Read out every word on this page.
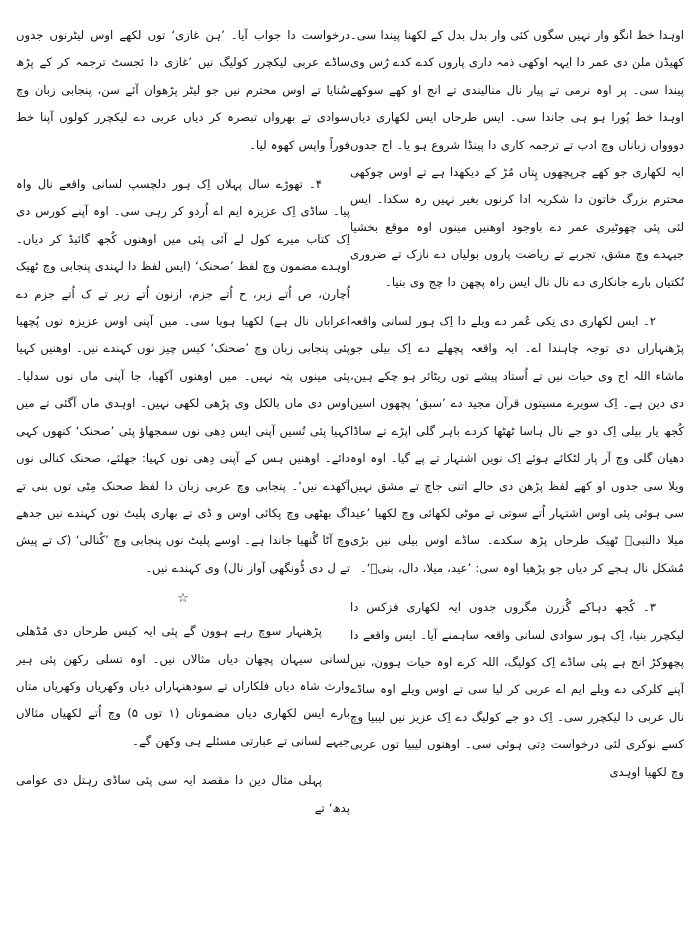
اوہدا خط انگو وار نہیں سگوں کئی وار بدل بدل کے لکھنا پیندا سی۔ کھیڈن ملن دی عمر دا ایہہ اوکھی ذمہ داری پاروں کدے کدے رُس وی پیندا سی۔ پر اوہ نرمی تے پیار نال منالیندی تے انج او کھے سوکھے اوہدا خط پُورا ہو ہی جاندا سی۔ ایس طرحاں ایس لکھاری دیاں دووواں زباناں وچ ادب تے ترجمہ کاری دا پینڈا شروع ہو یا۔ اج جدوں ایہ لکھاری جو کھے چرپچھوں پِتاں مُڑ کے دیکھدا ہے تے اوس چوکھی محترم بزرگ خاتون دا شکریہ ادا کرنوں بغیر نہیں رہ سکدا۔ ایس لئی پئی چھوٹیری عمر دے باوجود اوھنیں مینوں اوہ موقع بخشیا جیہدے وچ مشق، تجربے تے ریاضت پاروں بولیاں دے نازک تے ضروری نُکتیاں بارے جانکاری دے نال نال ایس راہ پچھن دا چج وی بنیا۔

۲۔ ایس لکھاری دی نِکی عُمر دے ویلے دا اِک ہور لسانی واقعہ پڑھنہاراں دی توجہ چاہندا اے۔ ایہ واقعہ پچھلے دے اِک بیلی جو ماشاء اللہ اج وی حیات نیں تے اُستاد پیشے توں ریٹائر ہو چکے ہین، دی دین ہے۔ اِک سویرے مسیتوں قرآن مجید دے ’سبق‘ پچھوں اسیں کُجھ یار بیلی اِک دو جے نال ہاسا ٹھٹھا کردے باہر گلی اپڑے تے ساڈا دھیان گلی وچ آر پار لٹکائے ہوئے اِک نویں اشتہار تے پے گیا۔ اوہ اوہ ویلا سی جدوں او کھے لفظ پڑھن دی حالے اتنی جاچ تے مشق نہیں سی ہوئی پئی اوس اشتہار اُتے سوتی تے موٹی لکھائی وچ لکھیا ’عید میلا دالنبیؐ ٹھیک طرحاں پڑھ سکدے۔ ساڈے اوس بیلی نیں بڑی مُشکل نال ہجے کر دیاں جو پڑھیا اوہ سی: ’عید، میلا، دال، بنیؐ‘۔

۳۔ کُجھ دہاکے گُزرن مگروں جدوں ایہ لکھاری فزکس دا لیکچرر بنیا، اِک ہور سوادی لسانی واقعہ ساہمنے آیا۔ ایس واقعے دا پچھوکڑ انج ہے پئی ساڈے اِک کولیگ، اللہ کرے اوہ حیات ہوون، نیں آپنے کلرکی دے ویلے ایم اے عربی کر لیا سی تے اوس ویلے اوہ ساڈے نال عربی دا لیکچرر سی۔ اِک دو جے کولیگ دے اِک عزیز نیں لیبیا وچ کسے نوکری لئی درخواست دِتی ہوئی سی۔ اوھنوں لیبیا توں عربی وچ لکھیا اوہدی

درخواست دا جواب آیا۔ ’ہن غازی‘ توں لکھے اوس لیٹرنوں جدوں ساڈے عربی لیکچرر کولیگ نیں ’غازی دا ئجسٹ ترجمہ کر کے پڑھ سُنایا تے اوس محترم نیں جو لیٹر پڑھوان آئے سن، پنجابی زبان وچ سوادی تے بھرواں تبصرہ کر دیاں عربی دے لیکچرر کولوں آپنا خط فوراً واپس کھوہ لیا۔

۴۔ تھوڑے سال پہلاں اِک ہور دلچسپ لسانی واقعے نال واہ پیا۔ ساڈی اِک عزیزہ ایم اے اُردو کر رہی سی۔ اوہ آپنے کورس دی اِک کتاب میرے کول لے آئی پئی میں اوھنوں کُجھ گائیڈ کر دیاں۔ اوہدے مضمون وچ لفظ ’صحنک‘ (ایس لفظ دا لہندی پنجابی وچ ٹھیک اُچارن، ص اُتے زبر، ح اُتے جزم، ازنون اُتے زبر تے ک اُتے جزم دے اعراباں نال ہے) لکھیا ہویا سی۔ میں آپنی اوس عزیزہ نوں پُچھیا پئی پنجابی زبان وچ ’صحنک‘ کیس چیز نوں کہندے نیں۔ اوھنیں کہیا پئی مینوں پتہ نہیں۔ میں اوھنوں آکھیا، جا آپنی ماں نوں سدلیا۔ اوس دی ماں بالکل وی پڑھی لکھی نہیں۔ اوہدی ماں آگئی تے میں کہیا پئی تُسیں آپنی ایس دِھی نوں سمجھاؤ پئی ’صحنک‘ کنھوں کہی دائے۔ اوھنیں ہس کے آپنی دِھی نوں کہیا: جھلئے، صحنک کنالی نوں آکھدے نیں‘۔ پنجابی وچ عربی زبان دا لفظ صحنک مِٹی توں بنی تے اگ بھٹھی وچ پکائی اوس و ڈی تے بھاری پلیٹ نوں کہندے نیں جدھے وچ آٹا گُنھیا جاندا ہے۔ اوسے پلیٹ نوں پنجابی وچ ’کُنالی‘ (ک تے پیش تے ل دی ڈُونگھی آواز نال) وی کہندے نیں۔

☆

پڑھنہار سوچ رہے ہوون گے پئی ایہ کیس طرحاں دی مُڈھلی لسانی سیہان پچھان دیاں مثالاں نیں۔ اوہ تسلی رکھن پئی ہیر وارث شاہ دیاں فلکاراں تے سودھنہاراں دیاں وکھریاں وکھریاں متاں بارے ایس لکھاری دیاں مضموناں (۱ توں ۵) وچ اُتے لکھیاں مثالاں جیہے لسانی تے عبارتی مسئلے ہی وکھن گے۔

پہلی مثال دین دا مقصد ایہ سی پئی ساڈی رہتل دی عوامی پدھ‘ تے
